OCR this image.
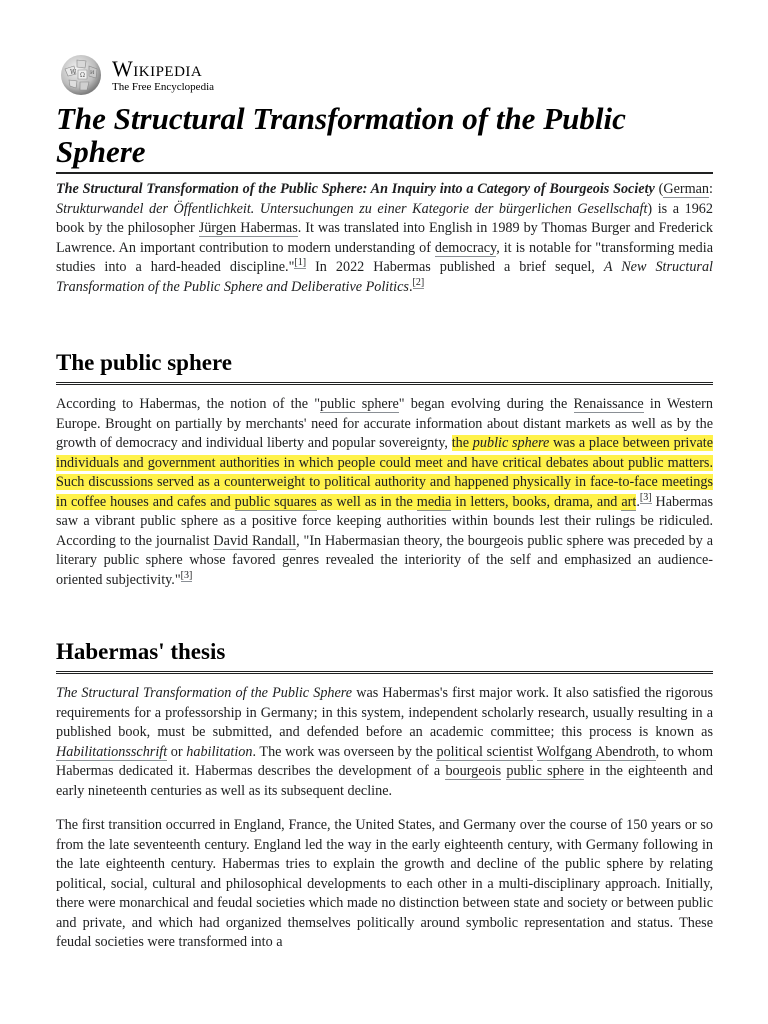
W Ω И Wikipedia
The Free Encyclopedia
The Structural Transformation of the Public Sphere

The Structural Transformation of the Public Sphere: An Inquiry into a Category of Bourgeois Society (German: Strukturwandel der Öffentlichkeit. Untersuchungen zu einer Kategorie der bürgerlichen Gesellschaft) is a 1962 book by the philosopher Jürgen Habermas. It was translated into English in 1989 by Thomas Burger and Frederick Lawrence. An important contribution to modern understanding of democracy, it is notable for "transforming media studies into a hard-headed discipline."[1] In 2022 Habermas published a brief sequel, A New Structural Transformation of the Public Sphere and Deliberative Politics.[2]

The public sphere

According to Habermas, the notion of the "public sphere" began evolving during the Renaissance in Western Europe. Brought on partially by merchants' need for accurate information about distant markets as well as by the growth of democracy and individual liberty and popular sovereignty, the public sphere was a place between private individuals and government authorities in which people could meet and have critical debates about public matters. Such discussions served as a counterweight to political authority and happened physically in face-to-face meetings in coffee houses and cafes and public squares as well as in the media in letters, books, drama, and art.[3] Habermas saw a vibrant public sphere as a positive force keeping authorities within bounds lest their rulings be ridiculed. According to the journalist David Randall, "In Habermasian theory, the bourgeois public sphere was preceded by a literary public sphere whose favored genres revealed the interiority of the self and emphasized an audience-oriented subjectivity."[3]

Habermas' thesis

The Structural Transformation of the Public Sphere was Habermas's first major work. It also satisfied the rigorous requirements for a professorship in Germany; in this system, independent scholarly research, usually resulting in a published book, must be submitted, and defended before an academic committee; this process is known as Habilitationsschrift or habilitation. The work was overseen by the political scientist Wolfgang Abendroth, to whom Habermas dedicated it. Habermas describes the development of a bourgeois public sphere in the eighteenth and early nineteenth centuries as well as its subsequent decline.

The first transition occurred in England, France, the United States, and Germany over the course of 150 years or so from the late seventeenth century. England led the way in the early eighteenth century, with Germany following in the late eighteenth century. Habermas tries to explain the growth and decline of the public sphere by relating political, social, cultural and philosophical developments to each other in a multi-disciplinary approach. Initially, there were monarchical and feudal societies which made no distinction between state and society or between public and private, and which had organized themselves politically around symbolic representation and status. These feudal societies were transformed into a
